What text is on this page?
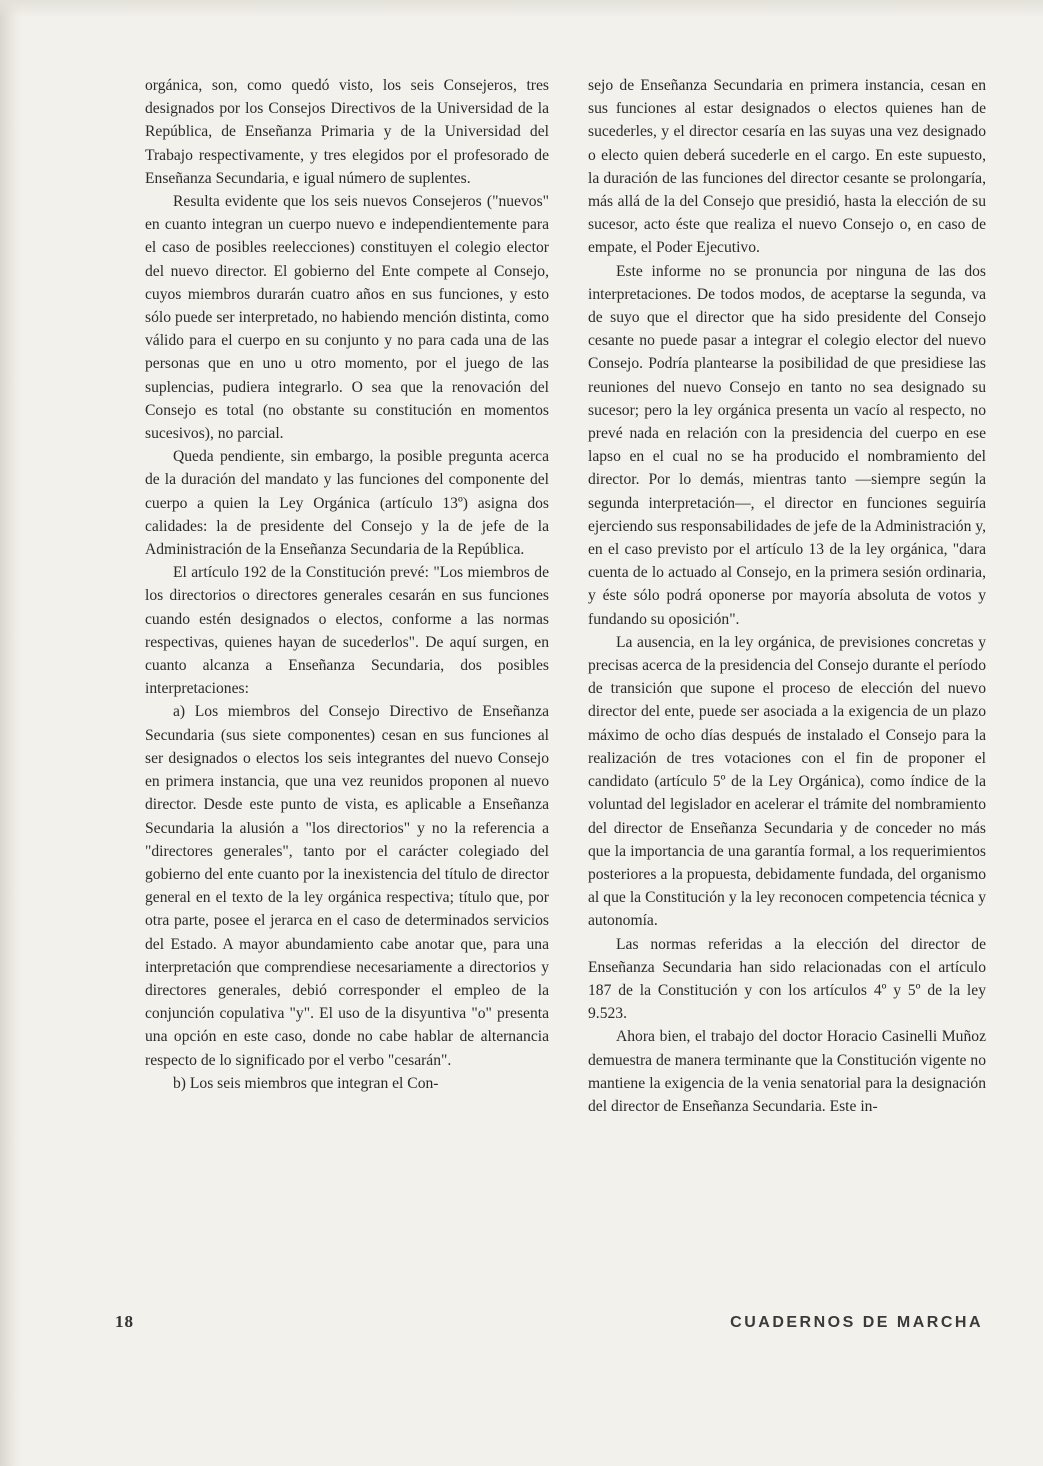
orgánica, son, como quedó visto, los seis Consejeros, tres designados por los Consejos Directivos de la Universidad de la República, de Enseñanza Primaria y de la Universidad del Trabajo respectivamente, y tres elegidos por el profesorado de Enseñanza Secundaria, e igual número de suplentes.

Resulta evidente que los seis nuevos Consejeros ("nuevos" en cuanto integran un cuerpo nuevo e independientemente para el caso de posibles reelecciones) constituyen el colegio elector del nuevo director. El gobierno del Ente compete al Consejo, cuyos miembros durarán cuatro años en sus funciones, y esto sólo puede ser interpretado, no habiendo mención distinta, como válido para el cuerpo en su conjunto y no para cada una de las personas que en uno u otro momento, por el juego de las suplencias, pudiera integrarlo. O sea que la renovación del Consejo es total (no obstante su constitución en momentos sucesivos), no parcial.

Queda pendiente, sin embargo, la posible pregunta acerca de la duración del mandato y las funciones del componente del cuerpo a quien la Ley Orgánica (artículo 13º) asigna dos calidades: la de presidente del Consejo y la de jefe de la Administración de la Enseñanza Secundaria de la República.

El artículo 192 de la Constitución prevé: "Los miembros de los directorios o directores generales cesarán en sus funciones cuando estén designados o electos, conforme a las normas respectivas, quienes hayan de sucederlos". De aquí surgen, en cuanto alcanza a Enseñanza Secundaria, dos posibles interpretaciones:

a) Los miembros del Consejo Directivo de Enseñanza Secundaria (sus siete componentes) cesan en sus funciones al ser designados o electos los seis integrantes del nuevo Consejo en primera instancia, que una vez reunidos proponen al nuevo director. Desde este punto de vista, es aplicable a Enseñanza Secundaria la alusión a "los directorios" y no la referencia a "directores generales", tanto por el carácter colegiado del gobierno del ente cuanto por la inexistencia del título de director general en el texto de la ley orgánica respectiva; título que, por otra parte, posee el jerarca en el caso de determinados servicios del Estado. A mayor abundamiento cabe anotar que, para una interpretación que comprendiese necesariamente a directorios y directores generales, debió corresponder el empleo de la conjunción copulativa "y". El uso de la disyuntiva "o" presenta una opción en este caso, donde no cabe hablar de alternancia respecto de lo significado por el verbo "cesarán".

b) Los seis miembros que integran el Con-

sejo de Enseñanza Secundaria en primera instancia, cesan en sus funciones al estar designados o electos quienes han de sucederles, y el director cesaría en las suyas una vez designado o electo quien deberá sucederle en el cargo. En este supuesto, la duración de las funciones del director cesante se prolongaría, más allá de la del Consejo que presidió, hasta la elección de su sucesor, acto éste que realiza el nuevo Consejo o, en caso de empate, el Poder Ejecutivo.

Este informe no se pronuncia por ninguna de las dos interpretaciones. De todos modos, de aceptarse la segunda, va de suyo que el director que ha sido presidente del Consejo cesante no puede pasar a integrar el colegio elector del nuevo Consejo. Podría plantearse la posibilidad de que presidiese las reuniones del nuevo Consejo en tanto no sea designado su sucesor; pero la ley orgánica presenta un vacío al respecto, no prevé nada en relación con la presidencia del cuerpo en ese lapso en el cual no se ha producido el nombramiento del director. Por lo demás, mientras tanto —siempre según la segunda interpretación—, el director en funciones seguiría ejerciendo sus responsabilidades de jefe de la Administración y, en el caso previsto por el artículo 13 de la ley orgánica, "dara cuenta de lo actuado al Consejo, en la primera sesión ordinaria, y éste sólo podrá oponerse por mayoría absoluta de votos y fundando su oposición".

La ausencia, en la ley orgánica, de previsiones concretas y precisas acerca de la presidencia del Consejo durante el período de transición que supone el proceso de elección del nuevo director del ente, puede ser asociada a la exigencia de un plazo máximo de ocho días después de instalado el Consejo para la realización de tres votaciones con el fin de proponer el candidato (artículo 5º de la Ley Orgánica), como índice de la voluntad del legislador en acelerar el trámite del nombramiento del director de Enseñanza Secundaria y de conceder no más que la importancia de una garantía formal, a los requerimientos posteriores a la propuesta, debidamente fundada, del organismo al que la Constitución y la ley reconocen competencia técnica y autonomía.

Las normas referidas a la elección del director de Enseñanza Secundaria han sido relacionadas con el artículo 187 de la Constitución y con los artículos 4º y 5º de la ley 9.523.

Ahora bien, el trabajo del doctor Horacio Casinelli Muñoz demuestra de manera terminante que la Constitución vigente no mantiene la exigencia de la venia senatorial para la designación del director de Enseñanza Secundaria. Este in-

18	CUADERNOS DE MARCHA
